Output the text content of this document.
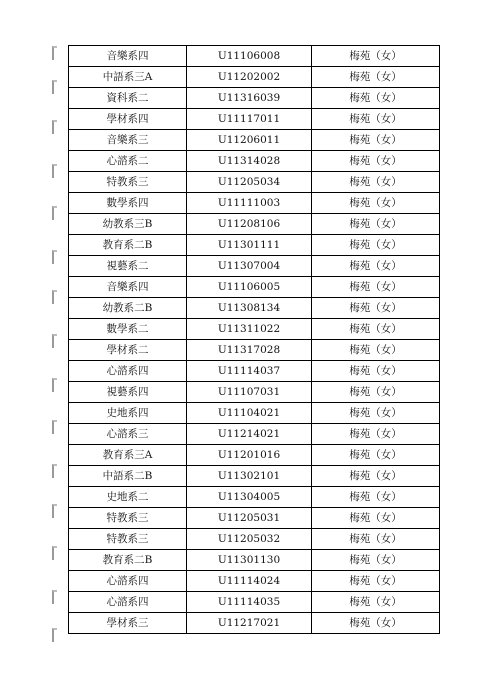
音樂系四	U11106008	梅苑（女）
中語系三A	U11202002	梅苑（女）
資科系二	U11316039	梅苑（女）
學材系四	U11117011	梅苑（女）
音樂系三	U11206011	梅苑（女）
心諮系二	U11314028	梅苑（女）
特教系三	U11205034	梅苑（女）
數學系四	U11111003	梅苑（女）
幼教系三B	U11208106	梅苑（女）
教育系二B	U11301111	梅苑（女）
視藝系二	U11307004	梅苑（女）
音樂系四	U11106005	梅苑（女）
幼教系二B	U11308134	梅苑（女）
數學系二	U11311022	梅苑（女）
學材系二	U11317028	梅苑（女）
心諮系四	U11114037	梅苑（女）
視藝系四	U11107031	梅苑（女）
史地系四	U11104021	梅苑（女）
心諮系三	U11214021	梅苑（女）
教育系三A	U11201016	梅苑（女）
中語系二B	U11302101	梅苑（女）
史地系二	U11304005	梅苑（女）
特教系三	U11205031	梅苑（女）
特教系三	U11205032	梅苑（女）
教育系二B	U11301130	梅苑（女）
心諮系四	U11114024	梅苑（女）
心諮系四	U11114035	梅苑（女）
學材系三	U11217021	梅苑（女）
